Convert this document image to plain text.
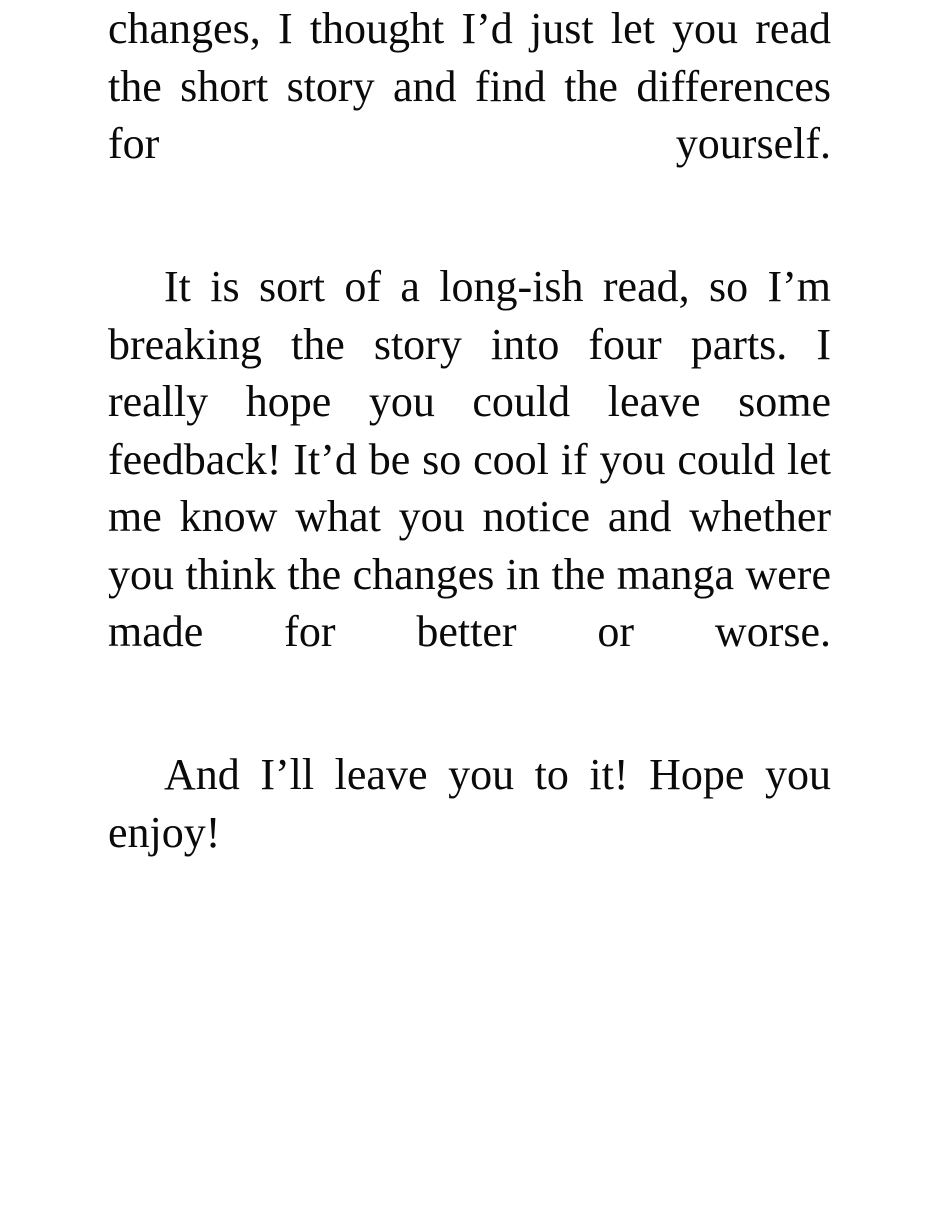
changes, I thought I’d just let you read the short story and find the differences for yourself.

It is sort of a long-ish read, so I’m breaking the story into four parts. I really hope you could leave some feedback! It’d be so cool if you could let me know what you notice and whether you think the changes in the manga were made for better or worse.

And I’ll leave you to it! Hope you enjoy!
